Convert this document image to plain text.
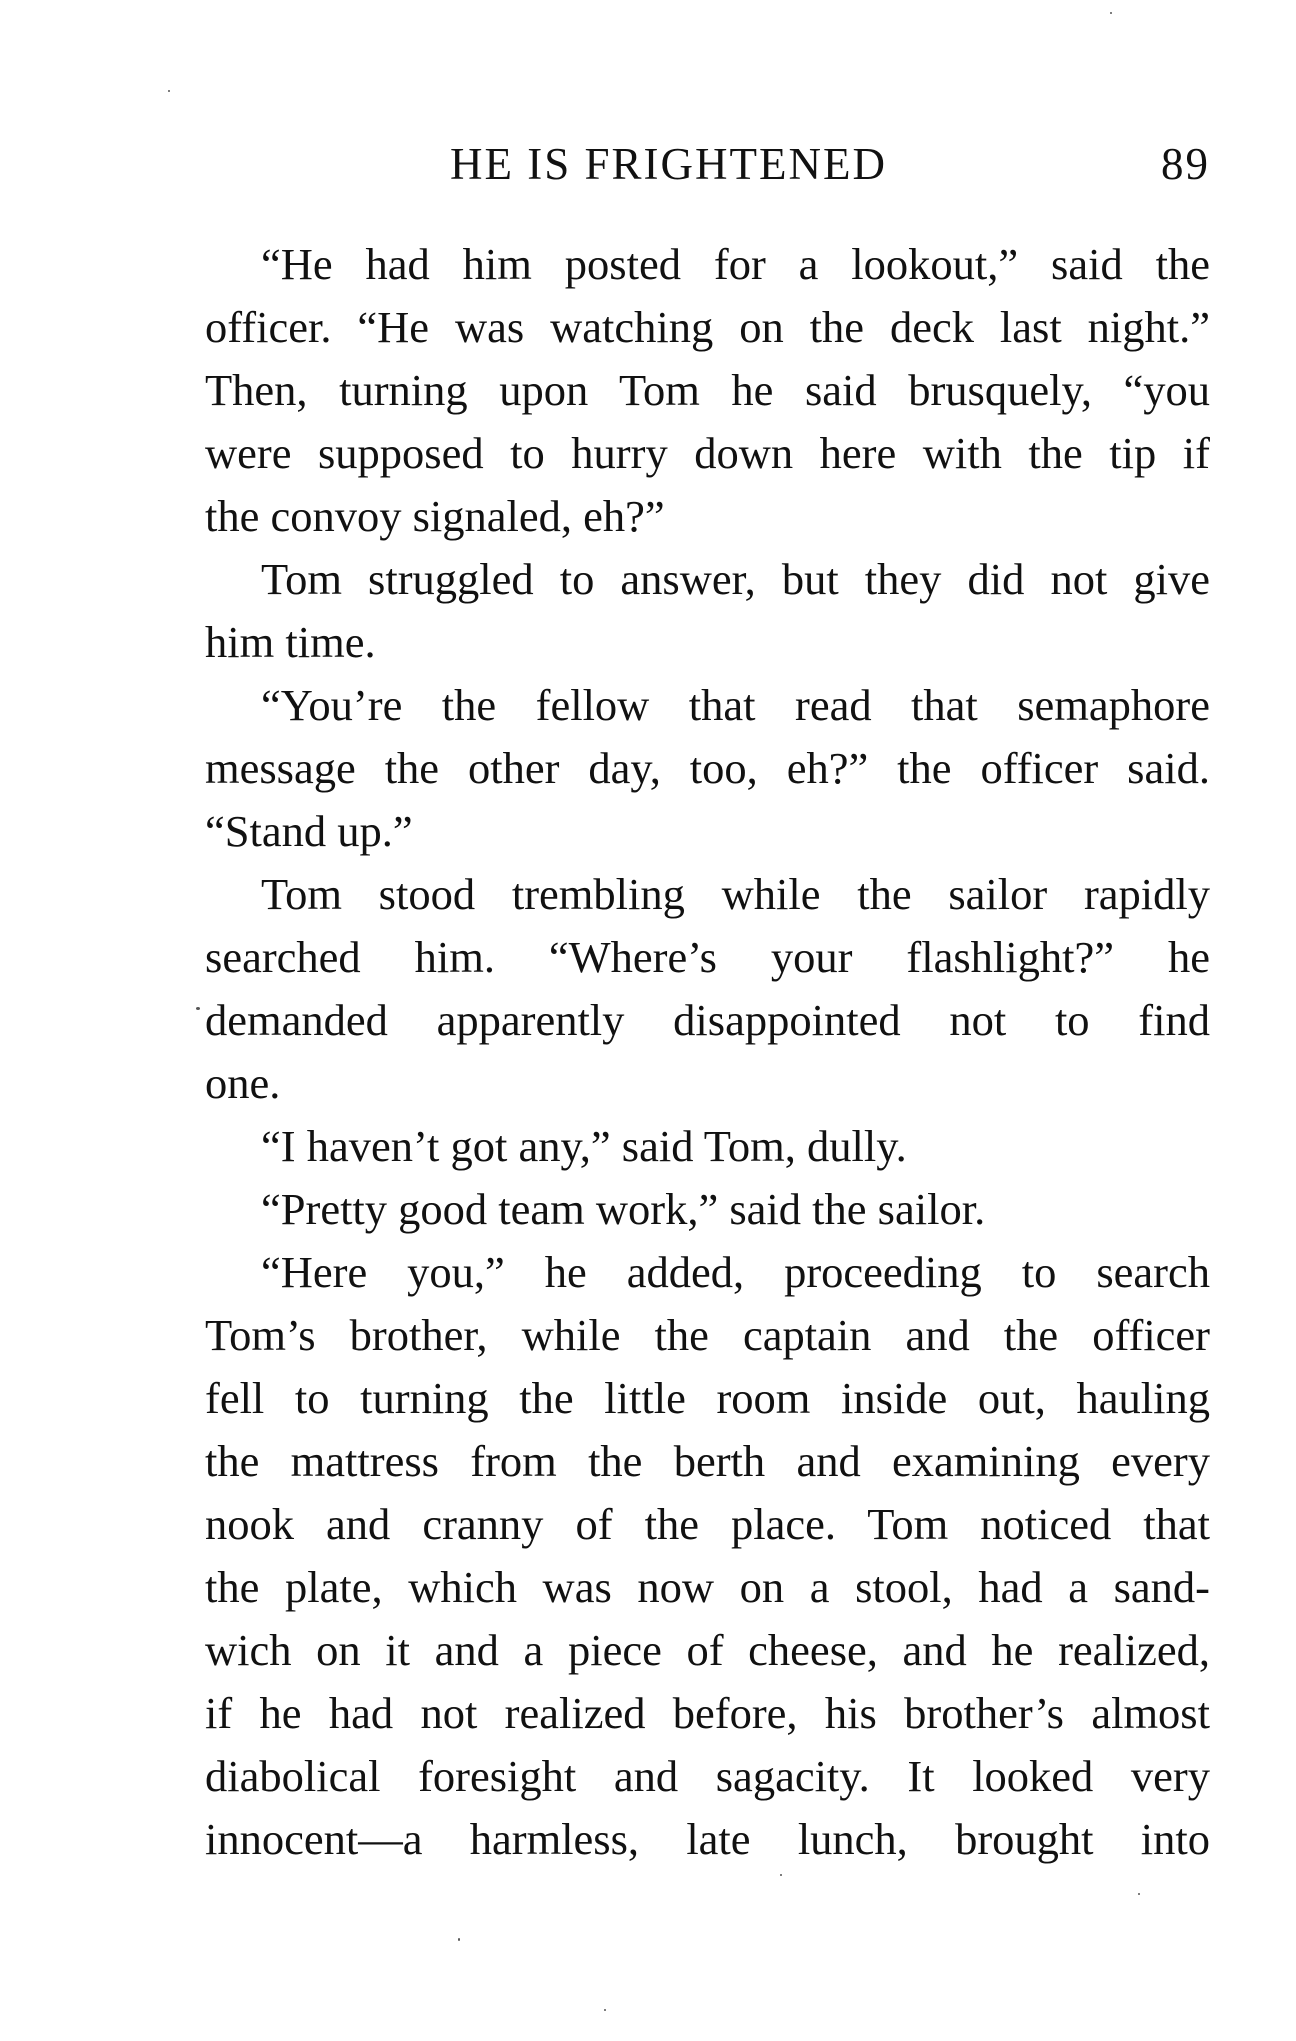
HE IS FRIGHTENED	89
“He had him posted for a lookout,” said the
officer. “He was watching on the deck last night.”
Then, turning upon Tom he said brusquely, “you
were supposed to hurry down here with the tip if
the convoy signaled, eh?”
Tom struggled to answer, but they did not give
him time.
“You’re the fellow that read that semaphore
message the other day, too, eh?” the officer said.
“Stand up.”
Tom stood trembling while the sailor rapidly
searched him. “Where’s your flashlight?” he
demanded apparently disappointed not to find
one.
“I haven’t got any,” said Tom, dully.
“Pretty good team work,” said the sailor.
“Here you,” he added, proceeding to search
Tom’s brother, while the captain and the officer
fell to turning the little room inside out, hauling
the mattress from the berth and examining every
nook and cranny of the place. Tom noticed that
the plate, which was now on a stool, had a sand-
wich on it and a piece of cheese, and he realized,
if he had not realized before, his brother’s almost
diabolical foresight and sagacity. It looked very
innocent—a harmless, late lunch, brought into
